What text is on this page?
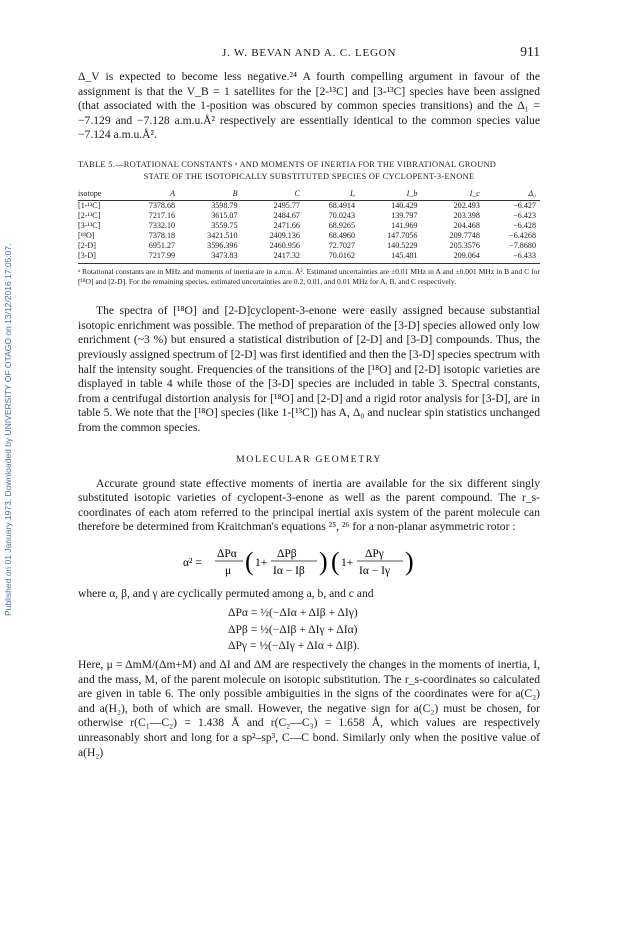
Published on 01 January 1973. Downloaded by UNIVERSITY OF OTAGO on 13/12/2016 17:05:07.
J. W. BEVAN AND A. C. LEGON	911

Δ_V is expected to become less negative.²⁴ A fourth compelling argument in favour of the assignment is that the V_B = 1 satellites for the [2-¹³C] and [3-¹³C] species have been assigned (that associated with the 1-position was obscured by common species transitions) and the Δ₁ = −7.129 and −7.128 a.m.u.Å² respectively are essentially identical to the common species value −7.124 a.m.u.Å².

TABLE 5.—ROTATIONAL CONSTANTS ᵃ AND MOMENTS OF INERTIA FOR THE VIBRATIONAL GROUND
STATE OF THE ISOTOPICALLY SUBSTITUTED SPECIES OF CYCLOPENT-3-ENONE
isotope	A	B	C	Iₐ	I_b	I_c	Δ₀
[1-¹³C]	7378.68	3598.79	2495.77	68.4914	140.429	202.493	−6.427
[2-¹³C]	7217.16	3615.07	2484.67	70.0243	139.797	203.398	−6.423
[3-¹³C]	7332.10	3559.75	2471.66	68.9265	141.969	204.468	−6.428
[¹⁸O]	7378.18	3421.510	2409.136	68.4960	147.7056	209.7748	−6.4268
[2-D]	6951.27	3596.396	2460.956	72.7027	140.5229	205.3576	−7.8680
[3-D]	7217.99	3473.83	2417.32	70.0162	145.481	209.064	−6.433
ᵃ Rotational constants are in MHz and moments of inertia are in a.m.u. Å². Estimated uncertainties are ±0.01 MHz in A and ±0.001 MHz in B and C for [¹⁸O] and [2-D]. For the remaining species, estimated uncertainties are 0.2, 0.01, and 0.01 MHz for A, B, and C respectively.

The spectra of [¹⁸O] and [2-D]cyclopent-3-enone were easily assigned because substantial isotopic enrichment was possible. The method of preparation of the [3-D] species allowed only low enrichment (~3 %) but ensured a statistical distribution of [2-D] and [3-D] compounds. Thus, the previously assigned spectrum of [2-D] was first identified and then the [3-D] species spectrum with half the intensity sought. Frequencies of the transitions of the [¹⁸O] and [2-D] isotopic varieties are displayed in table 4 while those of the [3-D] species are included in table 3. Spectral constants, from a centrifugal distortion analysis for [¹⁸O] and [2-D] and a rigid rotor analysis for [3-D], are in table 5. We note that the [¹⁸O] species (like 1-[¹³C]) has A, Δ₀ and nuclear spin statistics unchanged from the common species.

MOLECULAR GEOMETRY

Accurate ground state effective moments of inertia are available for the six different singly substituted isotopic varieties of cyclopent-3-enone as well as the parent compound. The r_s-coordinates of each atom referred to the principal inertial axis system of the parent molecule can therefore be determined from Kraitchman's equations ²⁵, ²⁶ for a non-planar asymmetric rotor :

α² =
ΔPα
μ ( 1+
ΔPβ
Iα − Iβ ) ( 1+
ΔPγ
Iα − Iγ )

where α, β, and γ are cyclically permuted among a, b, and c and

ΔPα = ½(−ΔIα + ΔIβ + ΔIγ)
ΔPβ = ½(−ΔIβ + ΔIγ + ΔIα)
ΔPγ = ½(−ΔIγ + ΔIα + ΔIβ).

Here, μ = ΔmM/(Δm+M) and ΔI and ΔM are respectively the changes in the moments of inertia, I, and the mass, M, of the parent molecule on isotopic substitution. The r_s-coordinates so calculated are given in table 6. The only possible ambiguities in the signs of the coordinates were for a(C₂) and a(H₂), both of which are small. However, the negative sign for a(C₂) must be chosen, for otherwise r(C₁—C₂) = 1.438 Å and r(C₂—C₃) = 1.658 Å, which values are respectively unreasonably short and long for a sp²–sp³, C—C bond. Similarly only when the positive value of a(H₂)
